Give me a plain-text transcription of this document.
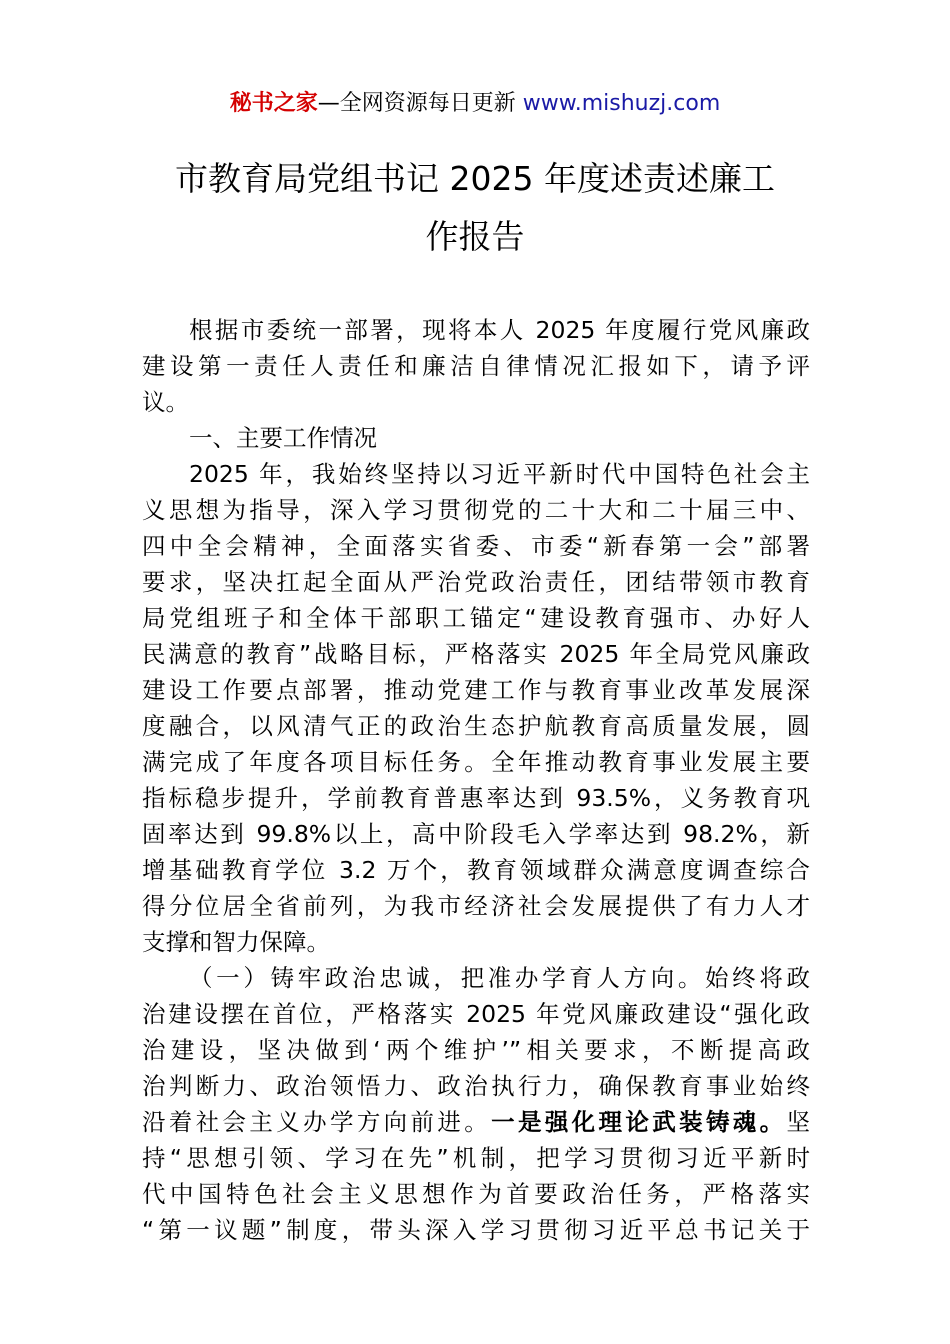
秘书之家—全网资源每日更新 www.mishuzj.com
市教育局党组书记 2025 年度述责述廉工
作报告

根据市委统一部署，现将本人 2025 年度履行党风廉政
建设第一责任人责任和廉洁自律情况汇报如下，请予评
议。

一、主要工作情况

2025 年，我始终坚持以习近平新时代中国特色社会主
义思想为指导，深入学习贯彻党的二十大和二十届三中、
四中全会精神，全面落实省委、市委“新春第一会”部署
要求，坚决扛起全面从严治党政治责任，团结带领市教育
局党组班子和全体干部职工锚定“建设教育强市、办好人
民满意的教育”战略目标，严格落实 2025 年全局党风廉政
建设工作要点部署，推动党建工作与教育事业改革发展深
度融合，以风清气正的政治生态护航教育高质量发展，圆
满完成了年度各项目标任务。全年推动教育事业发展主要
指标稳步提升，学前教育普惠率达到 93.5%，义务教育巩
固率达到 99.8%以上，高中阶段毛入学率达到 98.2%，新
增基础教育学位 3.2 万个，教育领域群众满意度调查综合
得分位居全省前列，为我市经济社会发展提供了有力人才
支撑和智力保障。

（一）铸牢政治忠诚，把准办学育人方向。始终将政
治建设摆在首位，严格落实 2025 年党风廉政建设“强化政
治建设，坚决做到‘两个维护’”相关要求，不断提高政
治判断力、政治领悟力、政治执行力，确保教育事业始终
沿着社会主义办学方向前进。一是强化理论武装铸魂。坚
持“思想引领、学习在先”机制，把学习贯彻习近平新时
代中国特色社会主义思想作为首要政治任务，严格落实
“第一议题”制度，带头深入学习贯彻习近平总书记关于
